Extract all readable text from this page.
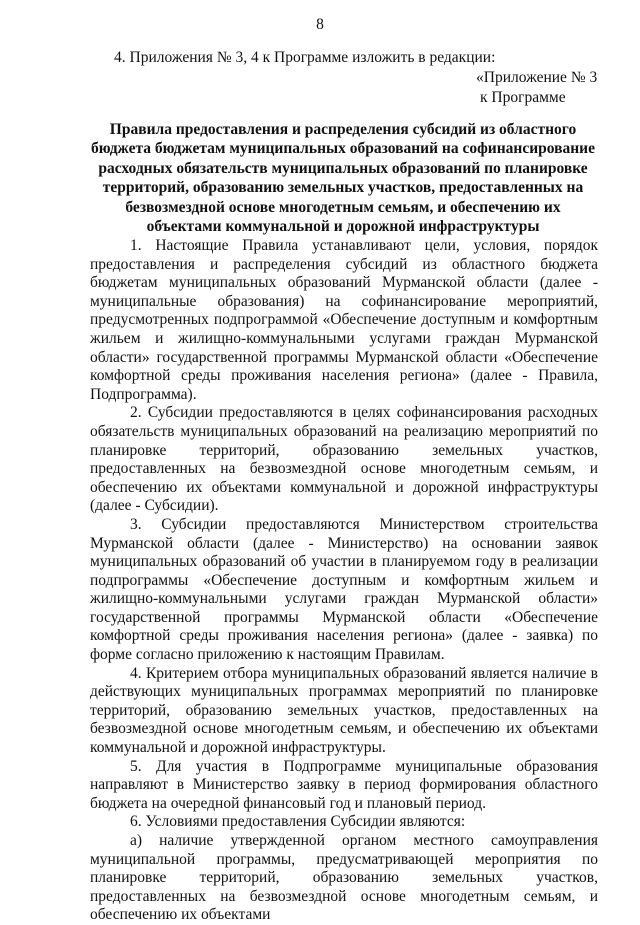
8
4. Приложения № 3, 4 к Программе изложить в редакции:
«Приложение № 3
к Программе
Правила предоставления и распределения субсидий из областного бюджета бюджетам муниципальных образований на софинансирование расходных обязательств муниципальных образований по планировке территорий, образованию земельных участков, предоставленных на безвозмездной основе многодетным семьям, и обеспечению их объектами коммунальной и дорожной инфраструктуры

1. Настоящие Правила устанавливают цели, условия, порядок предоставления и распределения субсидий из областного бюджета бюджетам муниципальных образований Мурманской области (далее - муниципальные образования) на софинансирование мероприятий, предусмотренных подпрограммой «Обеспечение доступным и комфортным жильем и жилищно-коммунальными услугами граждан Мурманской области» государственной программы Мурманской области «Обеспечение комфортной среды проживания населения региона» (далее - Правила, Подпрограмма).

2. Субсидии предоставляются в целях софинансирования расходных обязательств муниципальных образований на реализацию мероприятий по планировке территорий, образованию земельных участков, предоставленных на безвозмездной основе многодетным семьям, и обеспечению их объектами коммунальной и дорожной инфраструктуры (далее - Субсидии).

3. Субсидии предоставляются Министерством строительства Мурманской области (далее - Министерство) на основании заявок муниципальных образований об участии в планируемом году в реализации подпрограммы «Обеспечение доступным и комфортным жильем и жилищно-коммунальными услугами граждан Мурманской области» государственной программы Мурманской области «Обеспечение комфортной среды проживания населения региона» (далее - заявка) по форме согласно приложению к настоящим Правилам.

4. Критерием отбора муниципальных образований является наличие в действующих муниципальных программах мероприятий по планировке территорий, образованию земельных участков, предоставленных на безвозмездной основе многодетным семьям, и обеспечению их объектами коммунальной и дорожной инфраструктуры.

5. Для участия в Подпрограмме муниципальные образования направляют в Министерство заявку в период формирования областного бюджета на очередной финансовый год и плановый период.

6. Условиями предоставления Субсидии являются:

а) наличие утвержденной органом местного самоуправления муниципальной программы, предусматривающей мероприятия по планировке территорий, образованию земельных участков, предоставленных на безвозмездной основе многодетным семьям, и обеспечению их объектами
